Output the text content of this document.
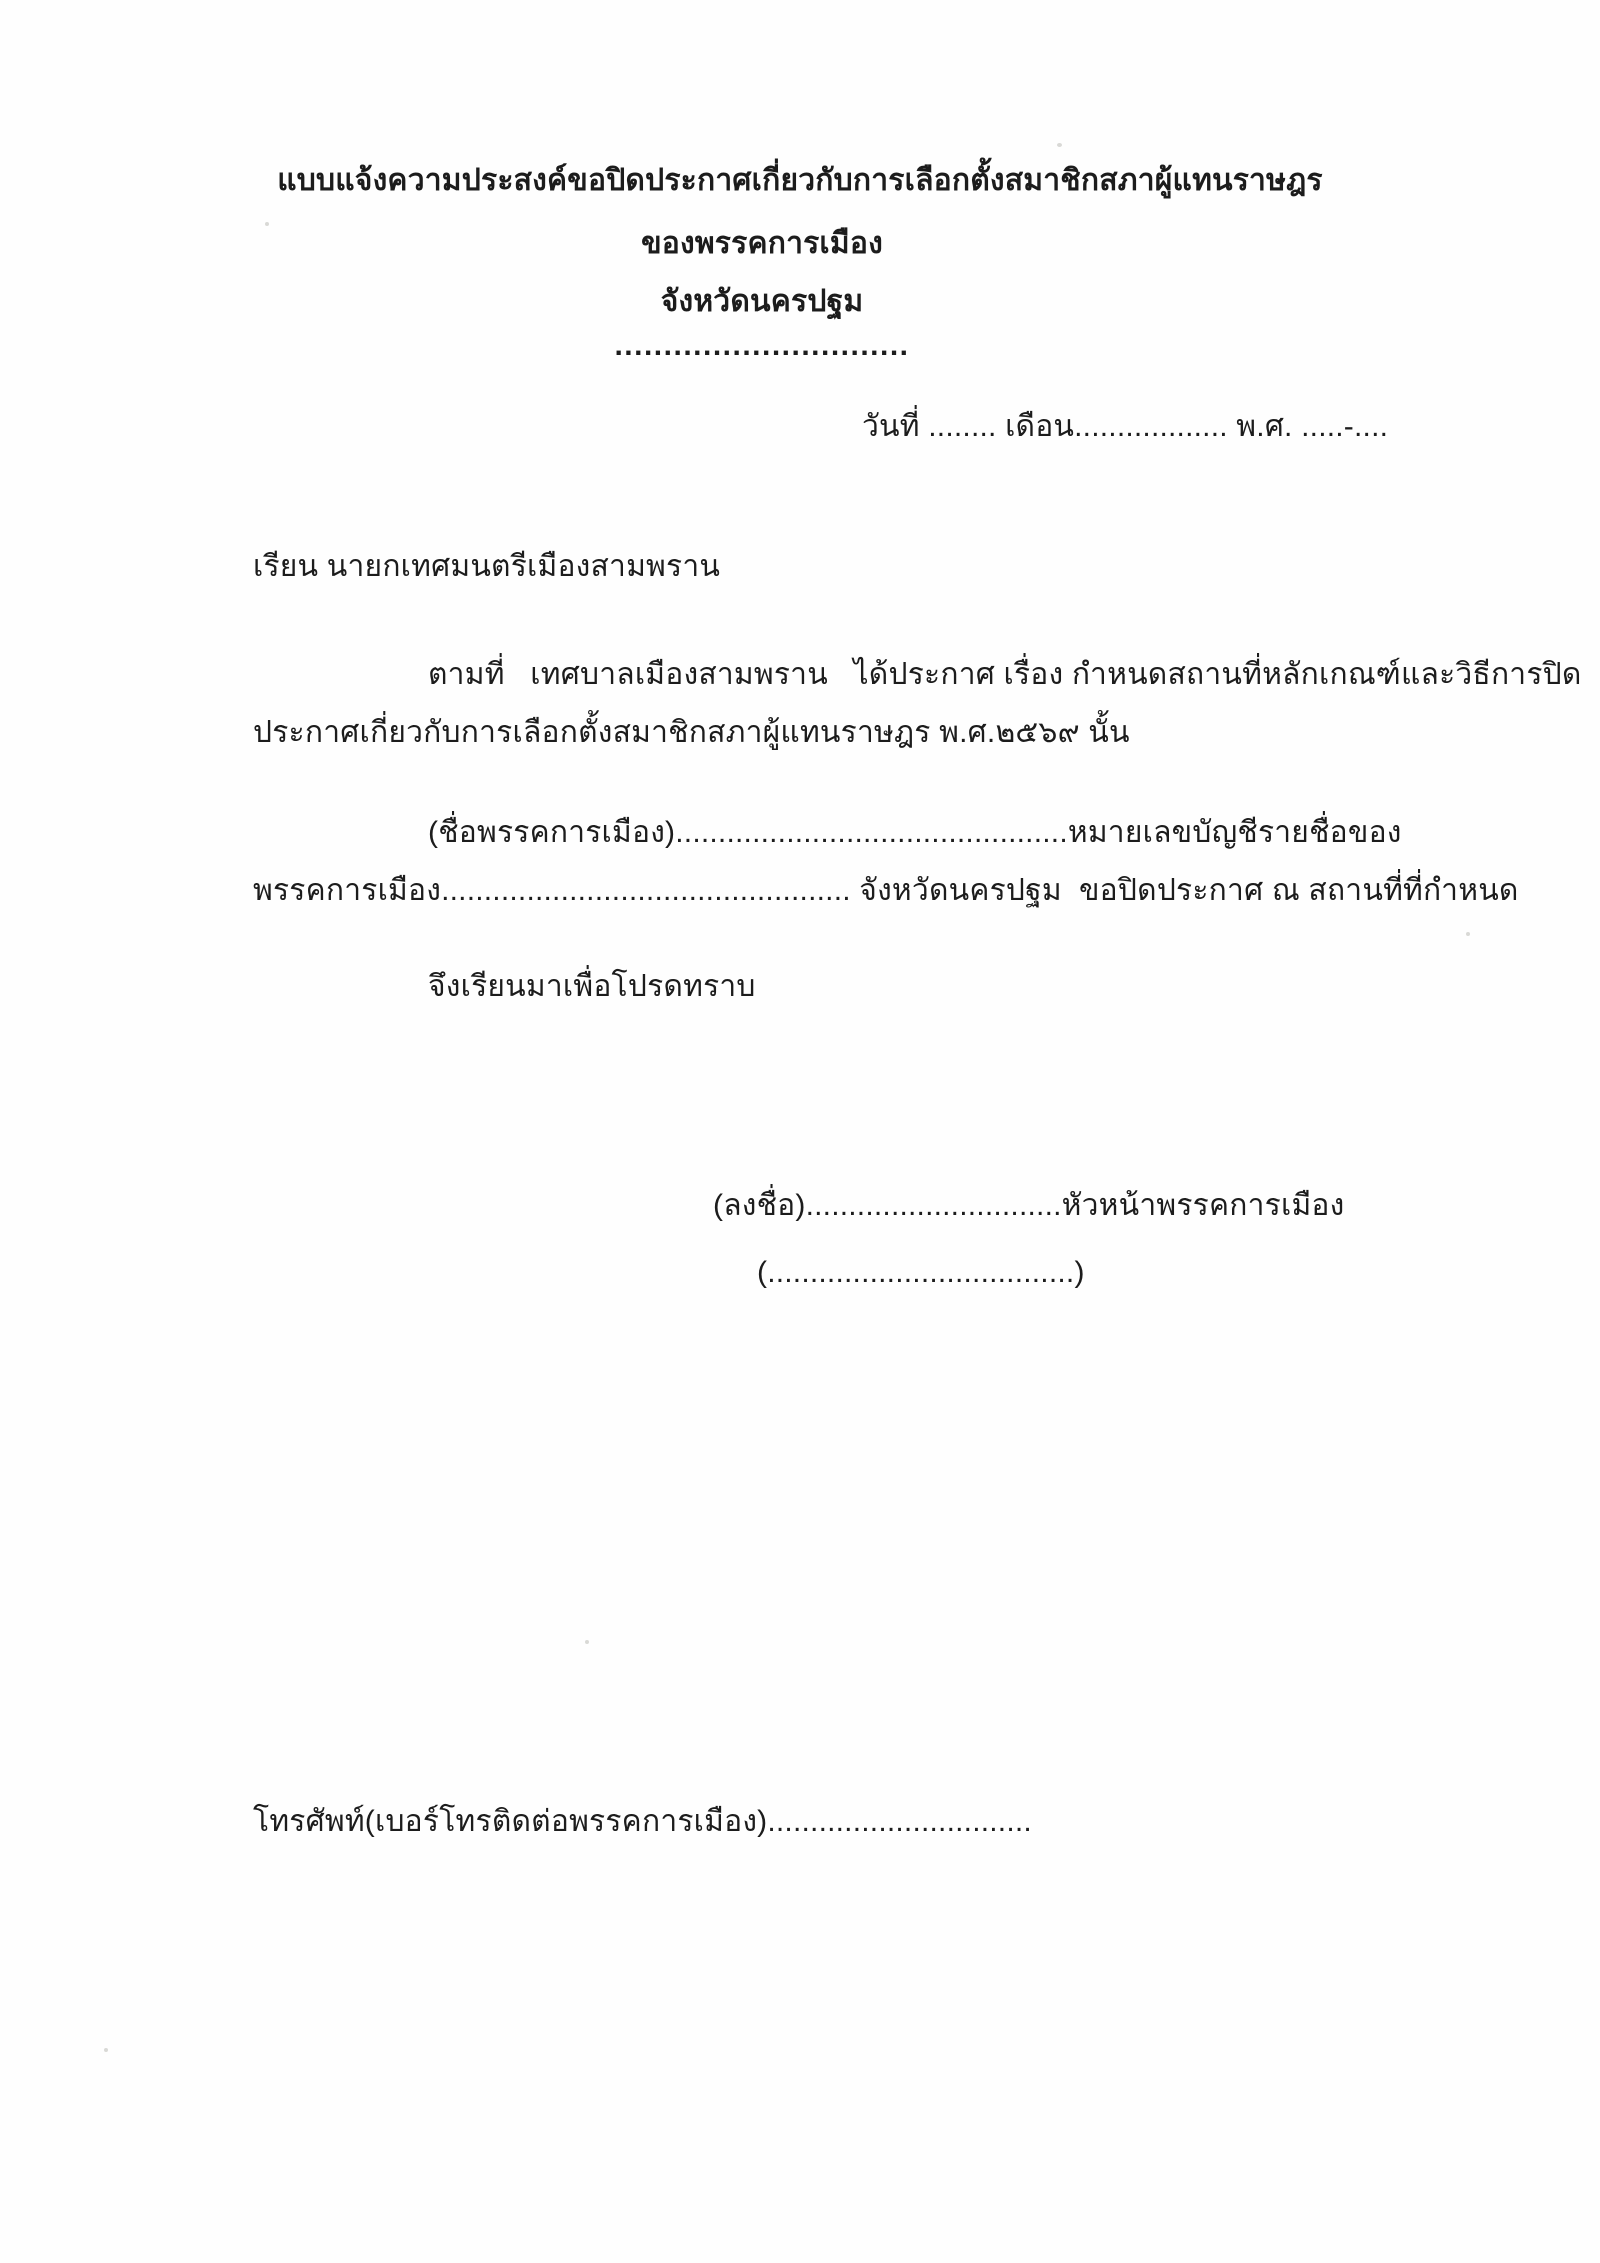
แบบแจ้งความประสงค์ขอปิดประกาศเกี่ยวกับการเลือกตั้งสมาชิกสภาผู้แทนราษฎร
ของพรรคการเมือง
จังหวัดนครปฐม
..............................
วันที่ ........ เดือน.................. พ.ศ. .....-....
เรียน นายกเทศมนตรีเมืองสามพราน
ตามที่   เทศบาลเมืองสามพราน   ได้ประกาศ เรื่อง กำหนดสถานที่หลักเกณฑ์และวิธีการปิด
ประกาศเกี่ยวกับการเลือกตั้งสมาชิกสภาผู้แทนราษฎร พ.ศ.๒๕๖๙ นั้น
(ชื่อพรรคการเมือง)..............................................หมายเลขบัญชีรายชื่อของ
พรรคการเมือง................................................ จังหวัดนครปฐม  ขอปิดประกาศ ณ สถานที่ที่กำหนด
จึงเรียนมาเพื่อโปรดทราบ
(ลงชื่อ)..............................หัวหน้าพรรคการเมือง
(....................................)
โทรศัพท์(เบอร์โทรติดต่อพรรคการเมือง)...............................
